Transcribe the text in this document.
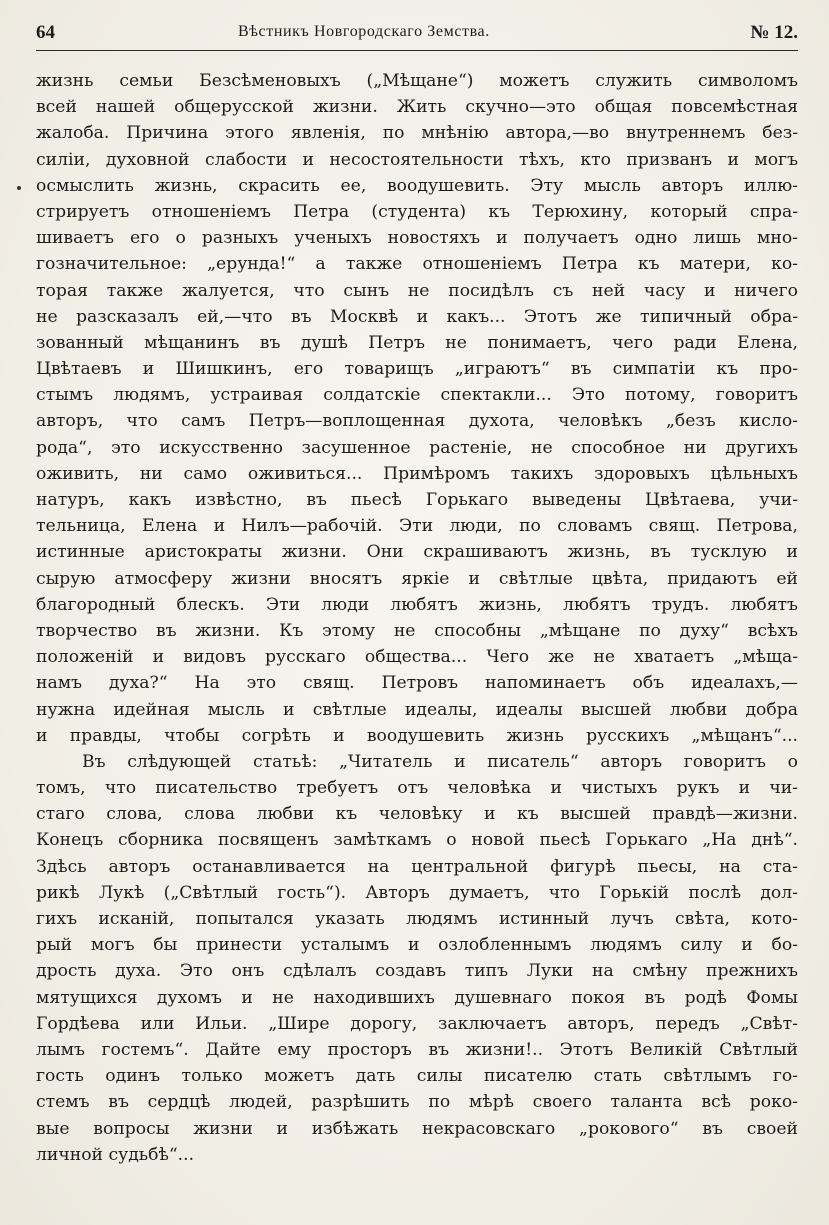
64	Вѣстникъ Новгородскаго Земства.	№ 12.
жизнь семьи Безсѣменовыхъ („Мѣщане“) можетъ служить символомъ
всей нашей общерусской жизни. Жить скучно—это общая повсемѣстная
жалоба. Причина этого явленія, по мнѣнію автора,—во внутреннемъ без-
силіи, духовной слабости и несостоятельности тѣхъ, кто призванъ и могъ
осмыслить жизнь, скрасить ее, воодушевить. Эту мысль авторъ иллю-
стрируетъ отношеніемъ Петра (студента) къ Терюхину, который спра-
шиваетъ его о разныхъ ученыхъ новостяхъ и получаетъ одно лишь мно-
гозначительное: „ерунда!“ а также отношеніемъ Петра къ матери, ко-
торая также жалуется, что сынъ не посидѣлъ съ ней часу и ничего
не разсказалъ ей,—что въ Москвѣ и какъ... Этотъ же типичный обра-
зованный мѣщанинъ въ душѣ Петръ не понимаетъ, чего ради Елена,
Цвѣтаевъ и Шишкинъ, его товарищъ „играютъ“ въ симпатіи къ про-
стымъ людямъ, устраивая солдатскіе спектакли... Это потому, говоритъ
авторъ, что самъ Петръ—воплощенная духота, человѣкъ „безъ кисло-
рода“, это искусственно засушенное растеніе, не способное ни другихъ
оживить, ни само оживиться... Примѣромъ такихъ здоровыхъ цѣльныхъ
натуръ, какъ извѣстно, въ пьесѣ Горькаго выведены Цвѣтаева, учи-
тельница, Елена и Нилъ—рабочій. Эти люди, по словамъ свящ. Петрова,
истинные аристократы жизни. Они скрашиваютъ жизнь, въ тусклую и
сырую атмосферу жизни вносятъ яркіе и свѣтлые цвѣта, придаютъ ей
благородный блескъ. Эти люди любятъ жизнь, любятъ трудъ. любятъ
творчество въ жизни. Къ этому не способны „мѣщане по духу“ всѣхъ
положеній и видовъ русскаго общества... Чего же не хватаетъ „мѣща-
намъ духа?“ На это свящ. Петровъ напоминаетъ объ идеалахъ,—
нужна идейная мысль и свѣтлые идеалы, идеалы высшей любви добра
и правды, чтобы согрѣть и воодушевить жизнь русскихъ „мѣщанъ“...
Въ слѣдующей статьѣ: „Читатель и писатель“ авторъ говоритъ о
томъ, что писательство требуетъ отъ человѣка и чистыхъ рукъ и чи-
стаго слова, слова любви къ человѣку и къ высшей правдѣ—жизни.
Конецъ сборника посвященъ замѣткамъ о новой пьесѣ Горькаго „На днѣ“.
Здѣсь авторъ останавливается на центральной фигурѣ пьесы, на ста-
рикѣ Лукѣ („Свѣтлый гость“). Авторъ думаетъ, что Горькій послѣ дол-
гихъ исканій, попытался указать людямъ истинный лучъ свѣта, кото-
рый могъ бы принести усталымъ и озлобленнымъ людямъ силу и бо-
дрость духа. Это онъ сдѣлалъ создавъ типъ Луки на смѣну прежнихъ
мятущихся духомъ и не находившихъ душевнаго покоя въ родѣ Фомы
Гордѣева или Ильи. „Шире дорогу, заключаетъ авторъ, передъ „Свѣт-
лымъ гостемъ“. Дайте ему просторъ въ жизни!.. Этотъ Великій Свѣтлый
гость одинъ только можетъ дать силы писателю стать свѣтлымъ го-
стемъ въ сердцѣ людей, разрѣшить по мѣрѣ своего таланта всѣ роко-
вые вопросы жизни и избѣжать некрасовскаго „рокового“ въ своей
личной судьбѣ“...
